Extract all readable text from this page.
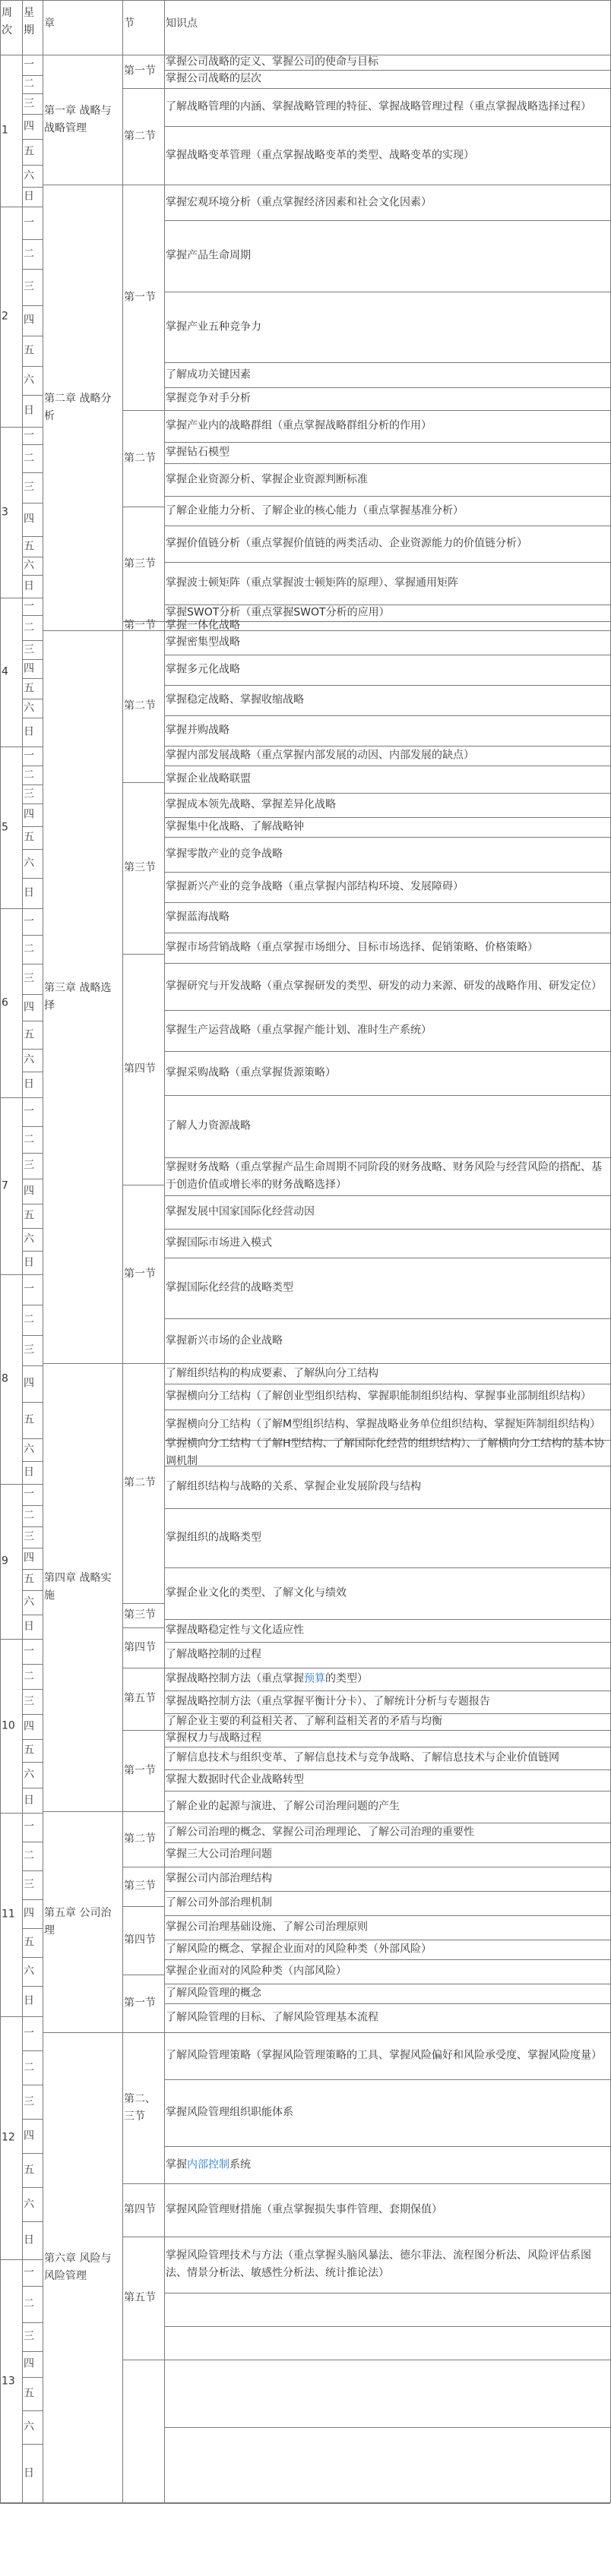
周次
星期
章	节	知识点
1
2
3
4
5
6
7
8
9
10
11
12
13
一
二
三
四
五
六
日
一
二
三
四
五
六
日
一
二
三
四
五
六
日
一
二
三
四
五
六
日
一
二
三
四
五
六
日
一
二
三
四
五
六
日
一
二
三
四
五
六
日
一
二
三
四
五
六
日
一
二
三
四
五
六
日
一
二
三
四
五
六
日
一
二
三
四
五
六
日
一
二
三
四
五
六
日
一
二
三
四
五
六
日
第一章 战略与战略管理
第二章 战略分析
第三章 战略选择
第四章 战略实施
第五章 公司治理
第六章 风险与风险管理
第一节
第二节
第一节
第二节
第三节
第一节
第二节
第三节
第四节
第一节
第二节
第三节
第四节
第五节
第一节
第二节
第三节
第四节
第一节
第二、三节
第四节
第五节
掌握公司战略的定义、掌握公司的使命与目标
掌握公司战略的层次
了解战略管理的内涵、掌握战略管理的特征、掌握战略管理过程（重点掌握战略选择过程）
掌握战略变革管理（重点掌握战略变革的类型、战略变革的实现）
掌握宏观环境分析（重点掌握经济因素和社会文化因素）
掌握产品生命周期
掌握产业五种竞争力
了解成功关键因素
掌握竞争对手分析
掌握产业内的战略群组（重点掌握战略群组分析的作用）
掌握钻石模型
掌握企业资源分析、掌握企业资源判断标准
了解企业能力分析、了解企业的核心能力（重点掌握基准分析）
掌握价值链分析（重点掌握价值链的两类活动、企业资源能力的价值链分析）
掌握波士顿矩阵（重点掌握波士顿矩阵的原理）、掌握通用矩阵
掌握SWOT分析（重点掌握SWOT分析的应用）
掌握一体化战略
掌握密集型战略
掌握多元化战略
掌握稳定战略、掌握收缩战略
掌握并购战略
掌握内部发展战略（重点掌握内部发展的动因、内部发展的缺点）
掌握企业战略联盟
掌握成本领先战略、掌握差异化战略
掌握集中化战略、了解战略钟
掌握零散产业的竞争战略
掌握新兴产业的竞争战略（重点掌握内部结构环境、发展障碍）
掌握蓝海战略
掌握市场营销战略（重点掌握市场细分、目标市场选择、促销策略、价格策略）
掌握研究与开发战略（重点掌握研发的类型、研发的动力来源、研发的战略作用、研发定位）
掌握生产运营战略（重点掌握产能计划、准时生产系统）
掌握采购战略（重点掌握货源策略）
了解人力资源战略
掌握财务战略（重点掌握产品生命周期不同阶段的财务战略、财务风险与经营风险的搭配、基于创造价值或增长率的财务战略选择）
掌握发展中国家国际化经营动因
掌握国际市场进入模式
掌握国际化经营的战略类型
掌握新兴市场的企业战略
了解组织结构的构成要素、了解纵向分工结构
掌握横向分工结构（了解创业型组织结构、掌握职能制组织结构、掌握事业部制组织结构）
掌握横向分工结构（了解M型组织结构、掌握战略业务单位组织结构、掌握矩阵制组织结构）
掌握横向分工结构（了解H型结构、了解国际化经营的组织结构）、了解横向分工结构的基本协调机制
了解组织结构与战略的关系、掌握企业发展阶段与结构
掌握组织的战略类型
掌握企业文化的类型、了解文化与绩效
掌握战略稳定性与文化适应性
了解战略控制的过程
掌握战略控制方法（重点掌握预算的类型）
掌握战略控制方法（重点掌握平衡计分卡）、了解统计分析与专题报告
了解企业主要的利益相关者、了解利益相关者的矛盾与均衡
掌握权力与战略过程
了解信息技术与组织变革、了解信息技术与竞争战略、了解信息技术与企业价值链网
掌握大数据时代企业战略转型
了解企业的起源与演进、了解公司治理问题的产生
了解公司治理的概念、掌握公司治理理论、了解公司治理的重要性
掌握三大公司治理问题
掌握公司内部治理结构
了解公司外部治理机制
掌握公司治理基础设施、了解公司治理原则
了解风险的概念、掌握企业面对的风险种类（外部风险）
掌握企业面对的风险种类（内部风险）
了解风险管理的概念
了解风险管理的目标、了解风险管理基本流程
了解风险管理策略（掌握风险管理策略的工具、掌握风险偏好和风险承受度、掌握风险度量）
掌握风险管理组织职能体系
掌握内部控制系统
掌握风险管理财措施（重点掌握损失事件管理、套期保值）
掌握风险管理技术与方法（重点掌握头脑风暴法、德尔菲法、流程图分析法、风险评估系图法、情景分析法、敏感性分析法、统计推论法）
